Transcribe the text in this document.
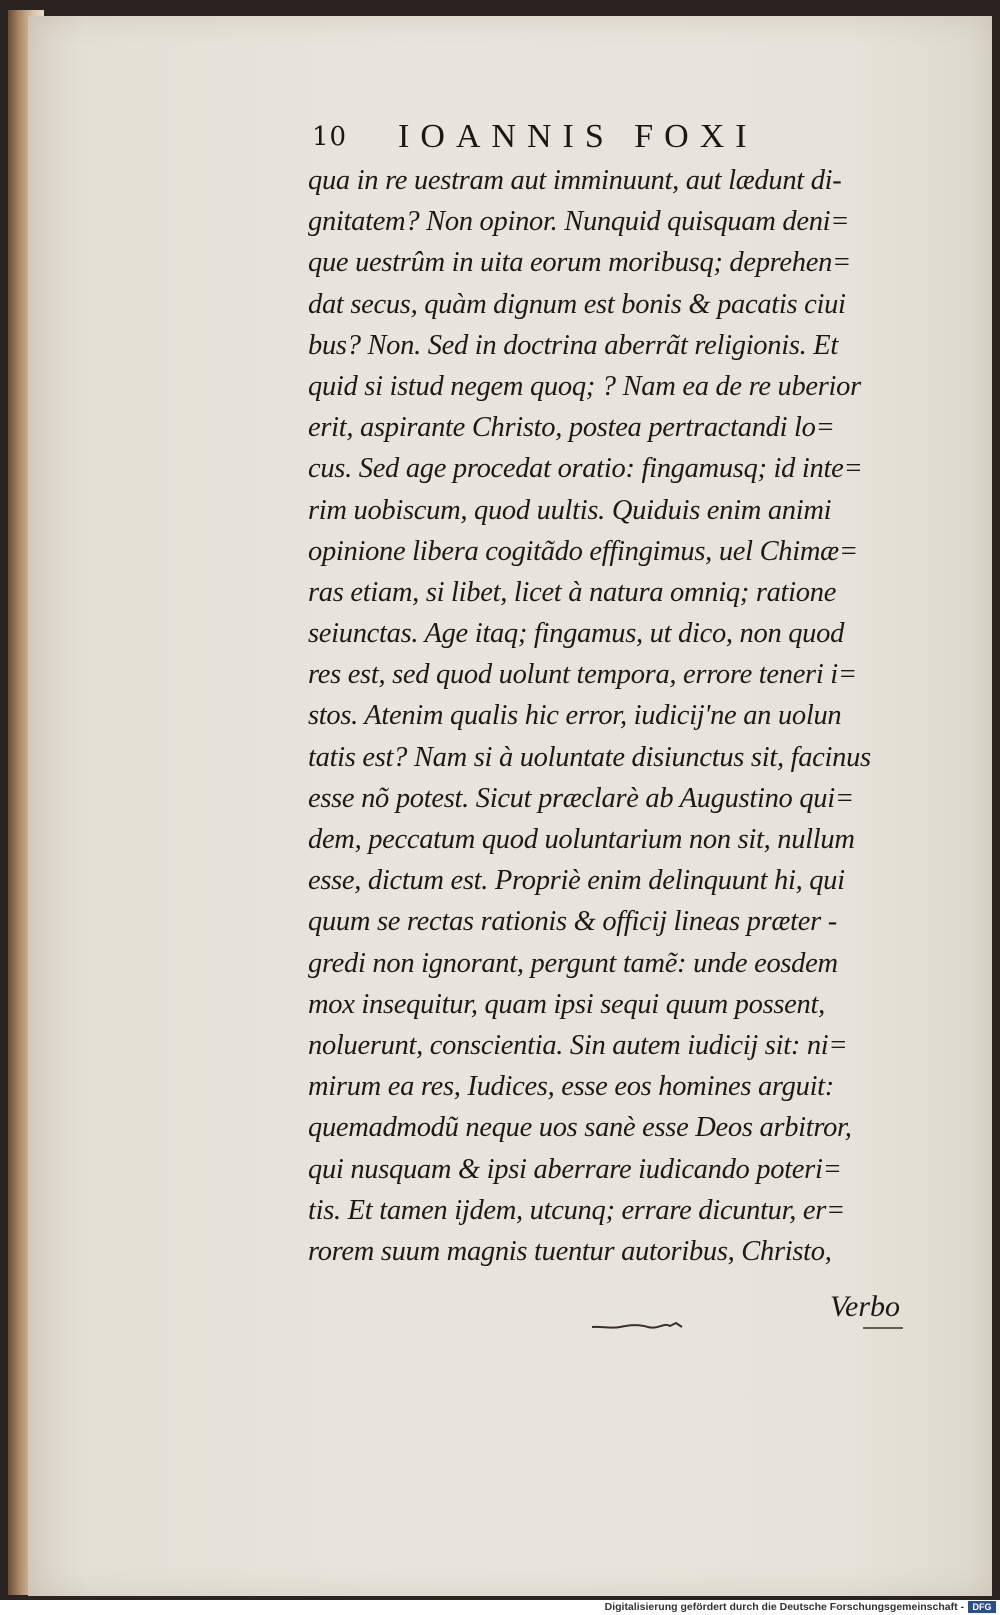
10 IOANNIS FOXI
qua in re uestram aut imminuunt, aut lædunt di-
gnitatem? Non opinor. Nunquid quisquam deni=
que uestrûm in uita eorum moribusq; deprehen=
dat secus, quàm dignum est bonis & pacatis ciui
bus? Non. Sed in doctrina aberrãt religionis. Et
quid si istud negem quoq; ? Nam ea de re uberior
erit, aspirante Christo, postea pertractandi lo=
cus. Sed age procedat oratio: fingamusq; id inte=
rim uobiscum, quod uultis. Quiduis enim animi
opinione libera cogitãdo effingimus, uel Chimæ=
ras etiam, si libet, licet à natura omniq; ratione
seiunctas. Age itaq; fingamus, ut dico, non quod
res est, sed quod uolunt tempora, errore teneri i=
stos. Atenim qualis hic error, iudicij'ne an uolun
tatis est? Nam si à uoluntate disiunctus sit, facinus
esse nõ potest. Sicut præclarè ab Augustino qui=
dem, peccatum quod uoluntarium non sit, nullum
esse, dictum est. Propriè enim delinquunt hi, qui
quum se rectas rationis & officij lineas præter -
gredi non ignorant, pergunt tamẽ: unde eosdem
mox insequitur, quam ipsi sequi quum possent,
noluerunt, conscientia. Sin autem iudicij sit: ni=
mirum ea res, Iudices, esse eos homines arguit:
quemadmodũ neque uos sanè esse Deos arbitror,
qui nusquam & ipsi aberrare iudicando poteri=
tis. Et tamen ijdem, utcunq; errare dicuntur, er=
rorem suum magnis tuentur autoribus, Christo,
Verbo
Digitalisierung gefördert durch die Deutsche Forschungsgemeinschaft - DFG
